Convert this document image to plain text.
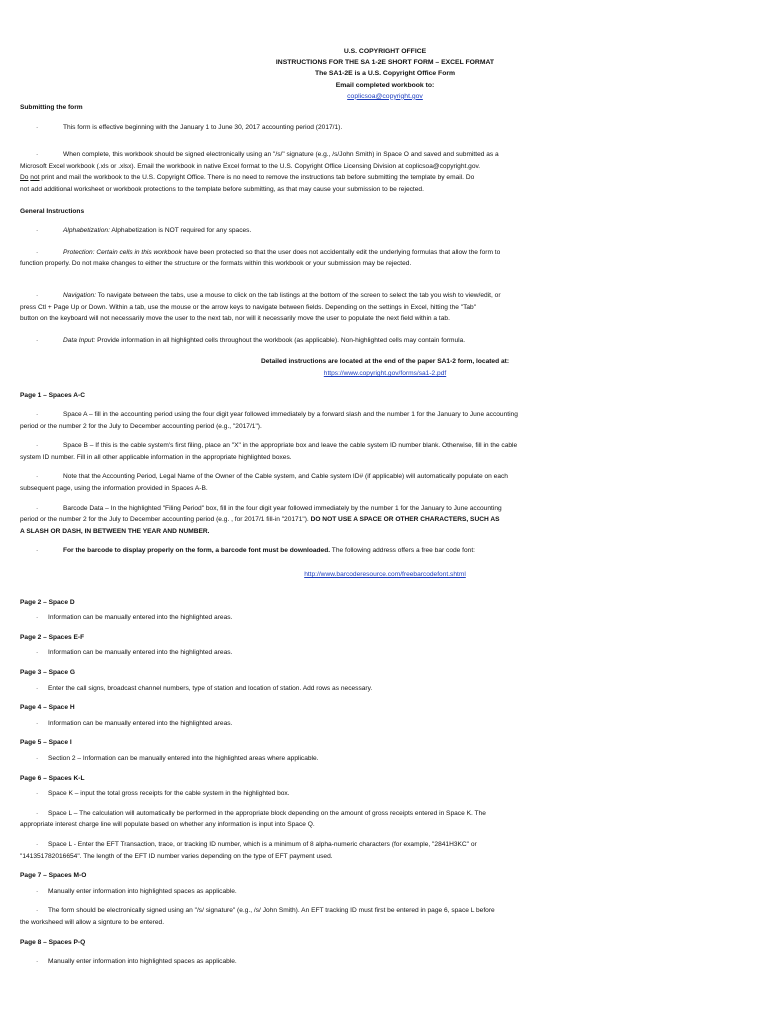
U.S. COPYRIGHT OFFICE
INSTRUCTIONS FOR THE SA 1-2E SHORT FORM – EXCEL FORMAT
The SA1-2E is a U.S. Copyright Office Form
Email completed workbook to:
coplicsoa@copyright.gov
Submitting the form
·	This form is effective beginning with the January 1 to June 30, 2017 accounting period (2017/1).
·	When complete, this workbook should be signed electronically using an "/s/" signature (e.g., /s/John Smith) in Space O and saved and submitted as a
Microsoft Excel workbook (.xls or .xlsx). Email the workbook in native Excel format to the U.S. Copyright Office Licensing Division at coplicsoa@copyright.gov.
Do not print and mail the workbook to the U.S. Copyright Office. There is no need to remove the instructions tab before submitting the template by email. Do
not add additional worksheet or workbook protections to the template before submitting, as that may cause your submission to be rejected.
General Instructions
·	Alphabetization: Alphabetization is NOT required for any spaces.
·	Protection: Certain cells in this workbook have been protected so that the user does not accidentally edit the underlying formulas that allow the form to
function properly. Do not make changes to either the structure or the formats within this workbook or your submission may be rejected.
·	Navigation: To navigate between the tabs, use a mouse to click on the tab listings at the bottom of the screen to select the tab you wish to view/edit, or
press Ctl + Page Up or Down. Within a tab, use the mouse or the arrow keys to navigate between fields. Depending on the settings in Excel, hitting the "Tab"
button on the keyboard will not necessarily move the user to the next tab, nor will it necessarily move the user to populate the next field within a tab.
·	Data Input: Provide information in all highlighted cells throughout the workbook (as applicable). Non-highlighted cells may contain formula.
Detailed instructions are located at the end of the paper SA1-2 form, located at:
https://www.copyright.gov/forms/sa1-2.pdf
Page 1 – Spaces A-C
·	Space A – fill in the accounting period using the four digit year followed immediately by a forward slash and the number 1 for the January to June accounting
period or the number 2 for the July to December accounting period (e.g., "2017/1").
·	Space B – If this is the cable system's first filing, place an "X" in the appropriate box and leave the cable system ID number blank. Otherwise, fill in the cable
system ID number. Fill in all other applicable information in the appropriate highlighted boxes.
·	Note that the Accounting Period, Legal Name of the Owner of the Cable system, and Cable system ID# (if applicable) will automatically populate on each
subsequent page, using the information provided in Spaces A-B.
·	Barcode Data – In the highlighted "Filing Period" box, fill in the four digit year followed immediately by the number 1 for the January to June accounting
period or the number 2 for the July to December accounting period (e.g. , for 2017/1 fill-in "20171"). DO NOT USE A SPACE OR OTHER CHARACTERS, SUCH AS
A SLASH OR DASH, IN BETWEEN THE YEAR AND NUMBER.
·	For the barcode to display properly on the form, a barcode font must be downloaded. The following address offers a free bar code font:
http://www.barcoderesource.com/freebarcodefont.shtml
Page 2 – Space D
· Information can be manually entered into the highlighted areas.
Page 2 – Spaces E-F
· Information can be manually entered into the highlighted areas.
Page 3 – Space G
· Enter the call signs, broadcast channel numbers, type of station and location of station. Add rows as necessary.
Page 4 – Space H
· Information can be manually entered into the highlighted areas.
Page 5 – Space I
· Section 2 – Information can be manually entered into the highlighted areas where applicable.
Page 6 – Spaces K-L
· Space K – input the total gross receipts for the cable system in the highlighted box.
· Space L – The calculation will automatically be performed in the appropriate block depending on the amount of gross receipts entered in Space K. The
appropriate interest charge line will populate based on whether any information is input into Space Q.
· Space L - Enter the EFT Transaction, trace, or tracking ID number, which is a minimum of 8 alpha-numeric characters (for example, "2841H3KC" or
"141351782016654". The length of the EFT ID number varies depending on the type of EFT payment used.
Page 7 – Spaces M-O
· Manually enter information into highlighted spaces as applicable.
· The form should be electronically signed using an "/s/ signature" (e.g., /s/ John Smith). An EFT tracking ID must first be entered in page 6, space L before
the worksheed will allow a signture to be entered.
Page 8 – Spaces P-Q
· Manually enter information into highlighted spaces as applicable.
